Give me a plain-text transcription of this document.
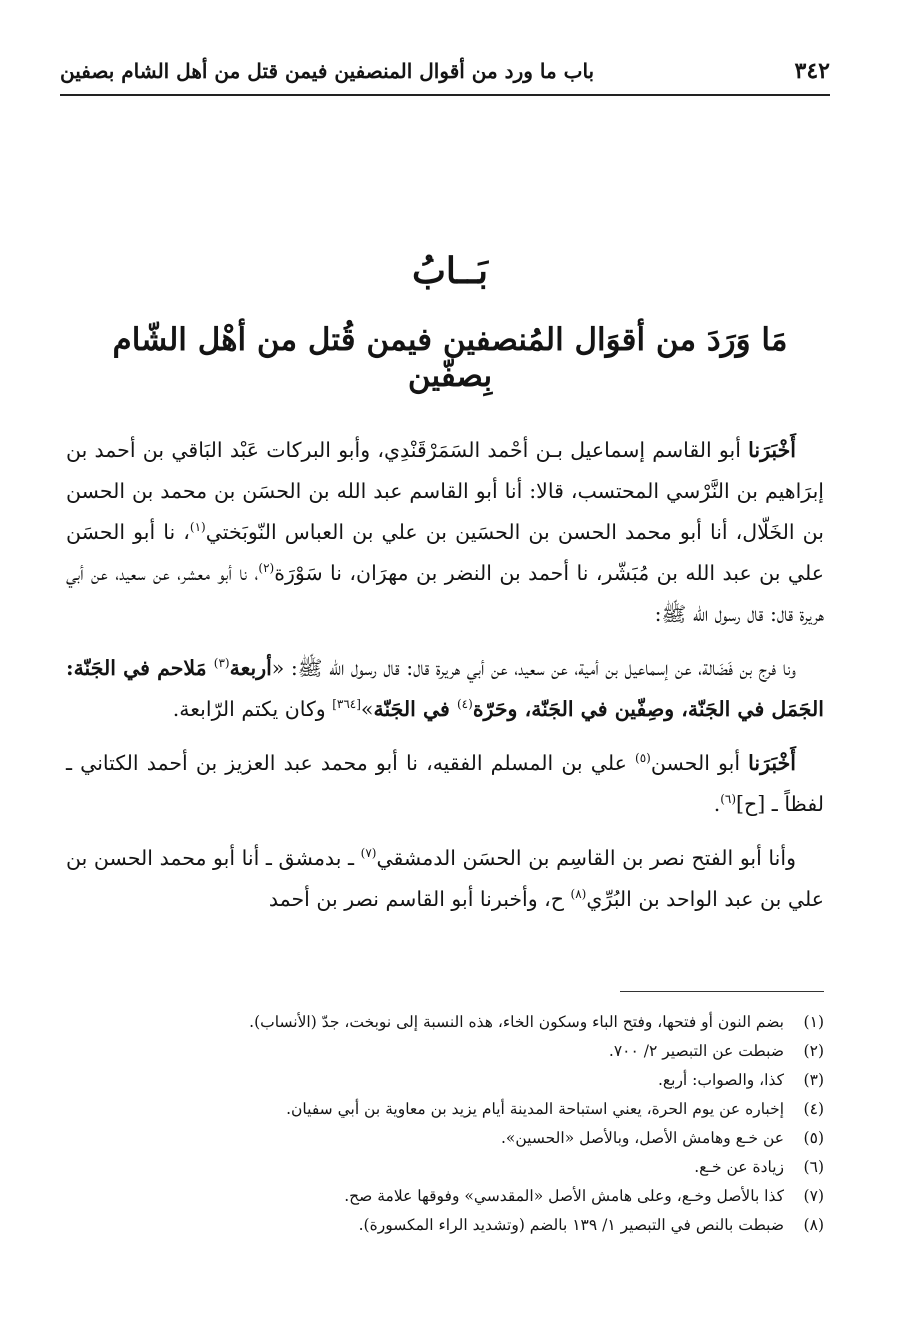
٣٤٢
باب ما ورد من أقوال المنصفين فيمن قتل من أهل الشام بصفين
بَــابُ
مَا وَرَدَ من أقوَال المُنصفين فيمن قُتل من أهْل الشّام بِصفّين

أَخْبَرَنا أبو القاسم إسماعيل بـن أحْمد السَمَرْقَنْدِي، وأبو البركات عَبْد البَاقي بن أحمد بن إبرَاهيم بن النَّرْسي المحتسب، قالا: أنا أبو القاسم عبد الله بن الحسَن بن محمد بن الحسن بن الخَلّال، أنا أبو محمد الحسن بن الحسَين بن علي بن العباس النّوبَختي$^{(١)}$، نا أبو الحسَن علي بن عبد الله بن مُبَشّر، نا أحمد بن النضر بن مهرَان، نا سَوْرَة$^{(٢)}$، نا أبو معشر، عن سعيد، عن أبي هريرة قال: قال رسول الله ﷺ:

ونا فرج بن فَضَالة، عن إسماعيل بن أمية، عن سعيد، عن أبي هريرة قال: قال رسول الله ﷺ: «أربعة$^{(٣)}$ مَلاحم في الجَنّة: الجَمَل في الجَنّة، وصِفّين في الجَنّة، وحَرّة$^{(٤)}$ في الجَنّة»[٣٦٤] وكان يكتم الرّابعة.

أَخْبَرَنا أبو الحسن$^{(٥)}$ علي بن المسلم الفقيه، نا أبو محمد عبد العزيز بن أحمد الكتاني ـ لفظاً ـ [ح]$^{(٦)}$.

وأنا أبو الفتح نصر بن القاسِم بن الحسَن الدمشقي$^{(٧)}$ ـ بدمشق ـ أنا أبو محمد الحسن بن علي بن عبد الواحد بن البُرِّي$^{(٨)}$ ح، وأخبرنا أبو القاسم نصر بن أحمد

(١)
بضم النون أو فتحها، وفتح الباء وسكون الخاء، هذه النسبة إلى نوبخت، جدّ (الأنساب).
(٢)
ضبطت عن التبصير ٢/ ٧٠٠.
(٣)
كذا، والصواب: أربع.
(٤)
إخباره عن يوم الحرة، يعني استباحة المدينة أيام يزيد بن معاوية بن أبي سفيان.
(٥)
عن خـع وهامش الأصل، وبالأصل «الحسين».
(٦)
زيادة عن خـع.
(٧)
كذا بالأصل وخـع، وعلى هامش الأصل «المقدسي» وفوقها علامة صح.
(٨)
ضبطت بالنص في التبصير ١/ ١٣٩ بالضم (وتشديد الراء المكسورة).
